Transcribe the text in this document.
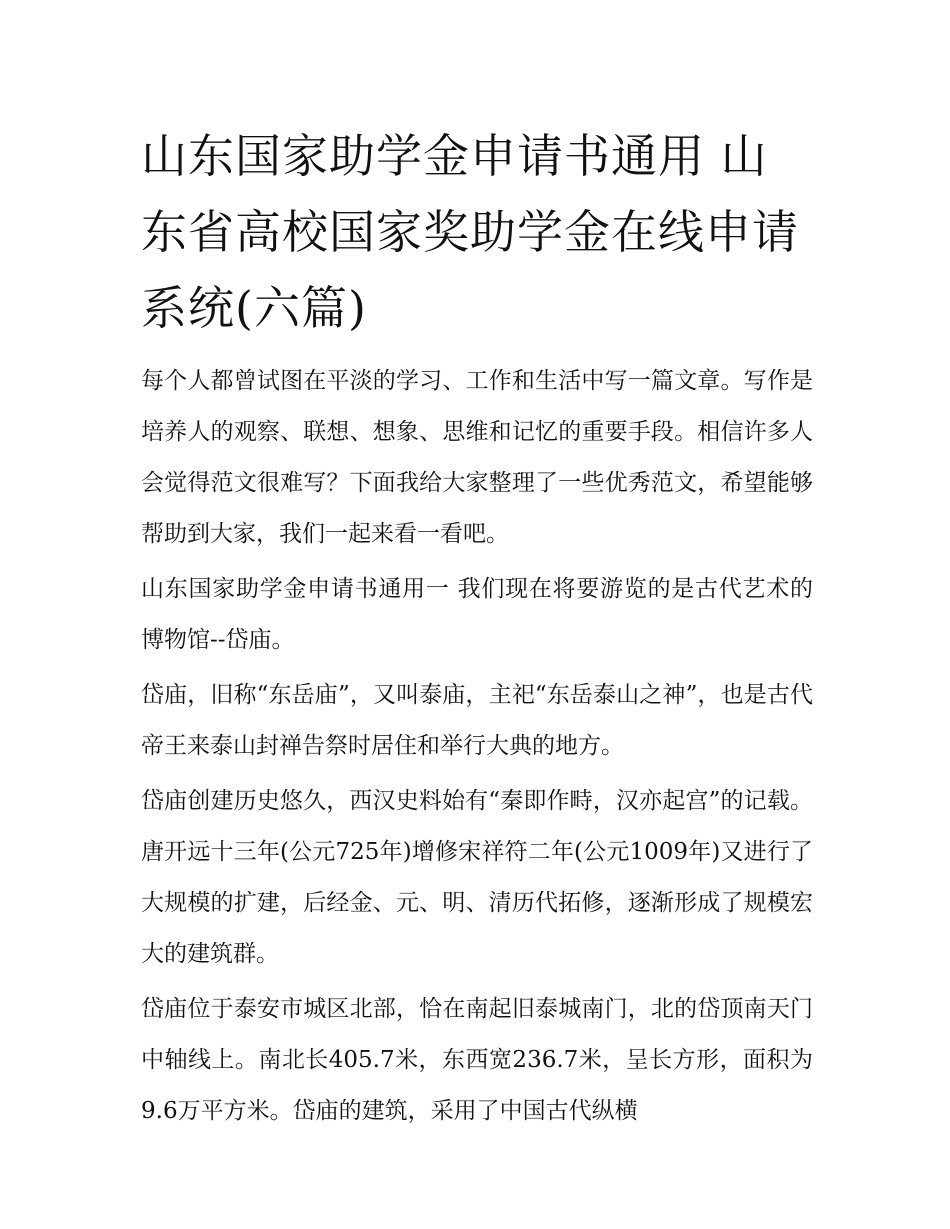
山东国家助学金申请书通用 山东省高校国家奖助学金在线申请系统(六篇)

每个人都曾试图在平淡的学习、工作和生活中写一篇文章。写作是培养人的观察、联想、想象、思维和记忆的重要手段。相信许多人会觉得范文很难写？下面我给大家整理了一些优秀范文，希望能够帮助到大家，我们一起来看一看吧。

山东国家助学金申请书通用一 我们现在将要游览的是古代艺术的博物馆--岱庙。

岱庙，旧称“东岳庙”，又叫泰庙，主祀“东岳泰山之神”，也是古代帝王来泰山封禅告祭时居住和举行大典的地方。

岱庙创建历史悠久，西汉史料始有“秦即作畤，汉亦起宫”的记载。唐开远十三年(公元725年)增修宋祥符二年(公元1009年)又进行了大规模的扩建，后经金、元、明、清历代拓修，逐渐形成了规模宏大的建筑群。

岱庙位于泰安市城区北部，恰在南起旧泰城南门，北的岱顶南天门中轴线上。南北长405.7米，东西宽236.7米，呈长方形，面积为9.6万平方米。岱庙的建筑，采用了中国古代纵横
